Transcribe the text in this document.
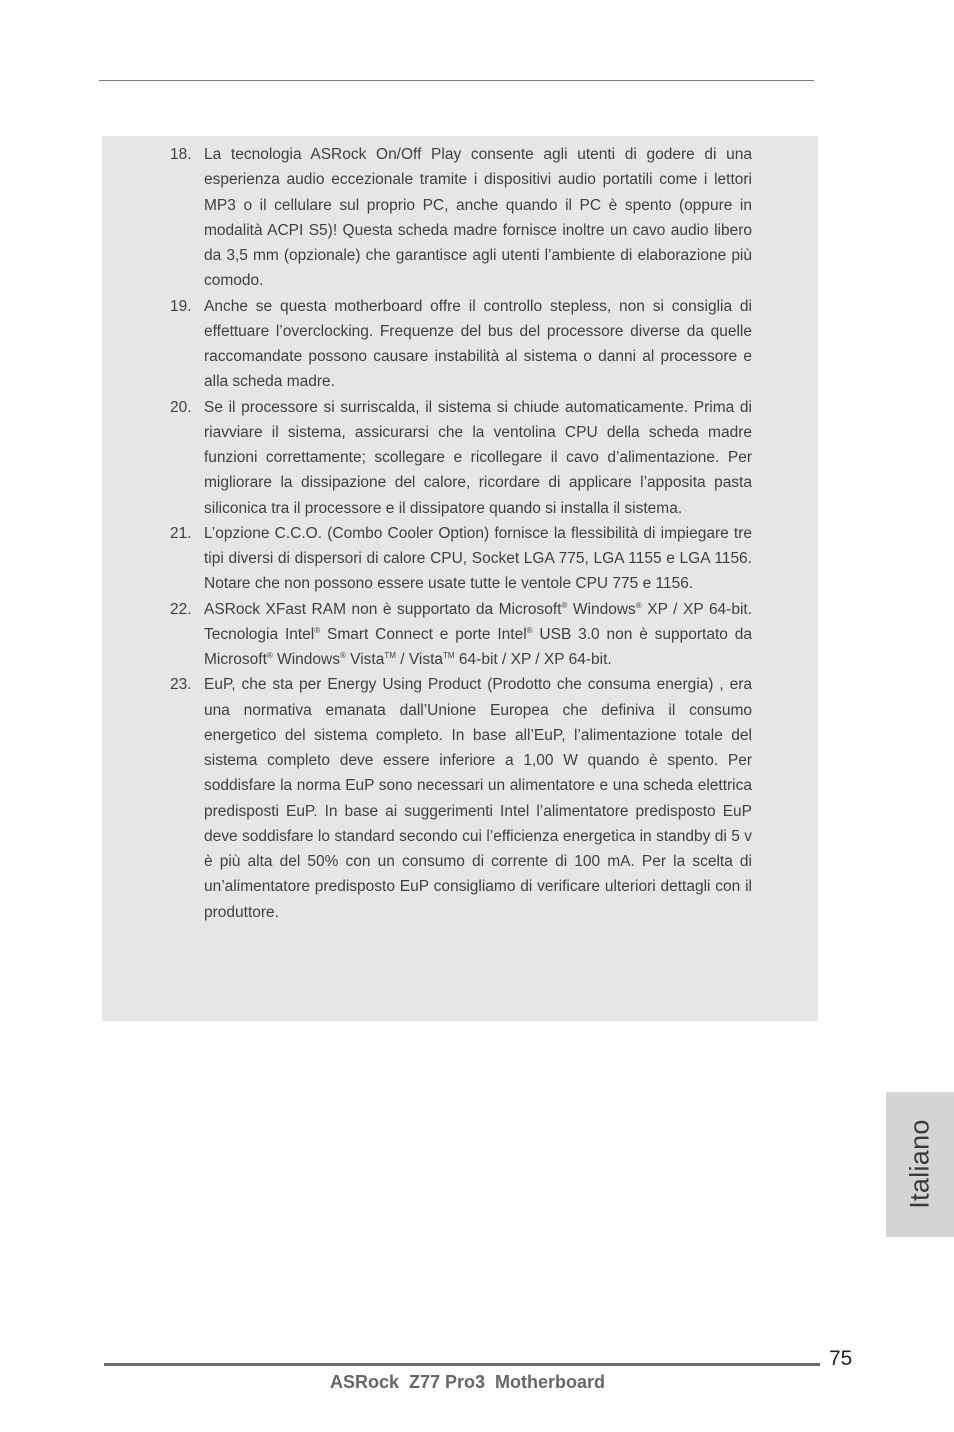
18. La tecnologia ASRock On/Off Play consente agli utenti di godere di una esperienza audio eccezionale tramite i dispositivi audio portatili come i lettori MP3 o il cellulare sul proprio PC, anche quando il PC è spento (oppure in modalità ACPI S5)! Questa scheda madre fornisce inoltre un cavo audio libero da 3,5 mm (opzionale) che garantisce agli utenti l’ambiente di elaborazione più comodo.
19. Anche se questa motherboard offre il controllo stepless, non si consiglia di effettuare l’overclocking. Frequenze del bus del processore diverse da quelle raccomandate possono causare instabilità al sistema o danni al processore e alla scheda madre.
20. Se il processore si surriscalda, il sistema si chiude automaticamente. Prima di riavviare il sistema, assicurarsi che la ventolina CPU della scheda madre funzioni correttamente; scollegare e ricollegare il cavo d’alimentazione. Per migliorare la dissipazione del calore, ricordare di applicare l’apposita pasta siliconica tra il processore e il dissipatore quando si installa il sistema.
21. L’opzione C.C.O. (Combo Cooler Option) fornisce la flessibilità di impiegare tre tipi diversi di dispersori di calore CPU, Socket LGA 775, LGA 1155 e LGA 1156. Notare che non possono essere usate tutte le ventole CPU 775 e 1156.
22. ASRock XFast RAM non è supportato da Microsoft® Windows® XP / XP 64-bit. Tecnologia Intel® Smart Connect e porte Intel® USB 3.0 non è supportato da Microsoft® Windows® Vista™ / Vista™ 64-bit / XP / XP 64-bit.
23. EuP, che sta per Energy Using Product (Prodotto che consuma energia) , era una normativa emanata dall’Unione Europea che definiva il consumo energetico del sistema completo. In base all’EuP, l’alimentazione totale del sistema completo deve essere inferiore a 1,00 W quando è spento. Per soddisfare la norma EuP sono necessari un alimentatore e una scheda elettrica predisposti EuP. In base ai suggerimenti Intel l’alimentatore predisposto EuP deve soddisfare lo standard secondo cui l’efficienza energetica in standby di 5 v è più alta del 50% con un consumo di corrente di 100 mA. Per la scelta di un’alimentatore predisposto EuP consigliamo di verificare ulteriori dettagli con il produttore.
Italiano
75
ASRock  Z77 Pro3  Motherboard
